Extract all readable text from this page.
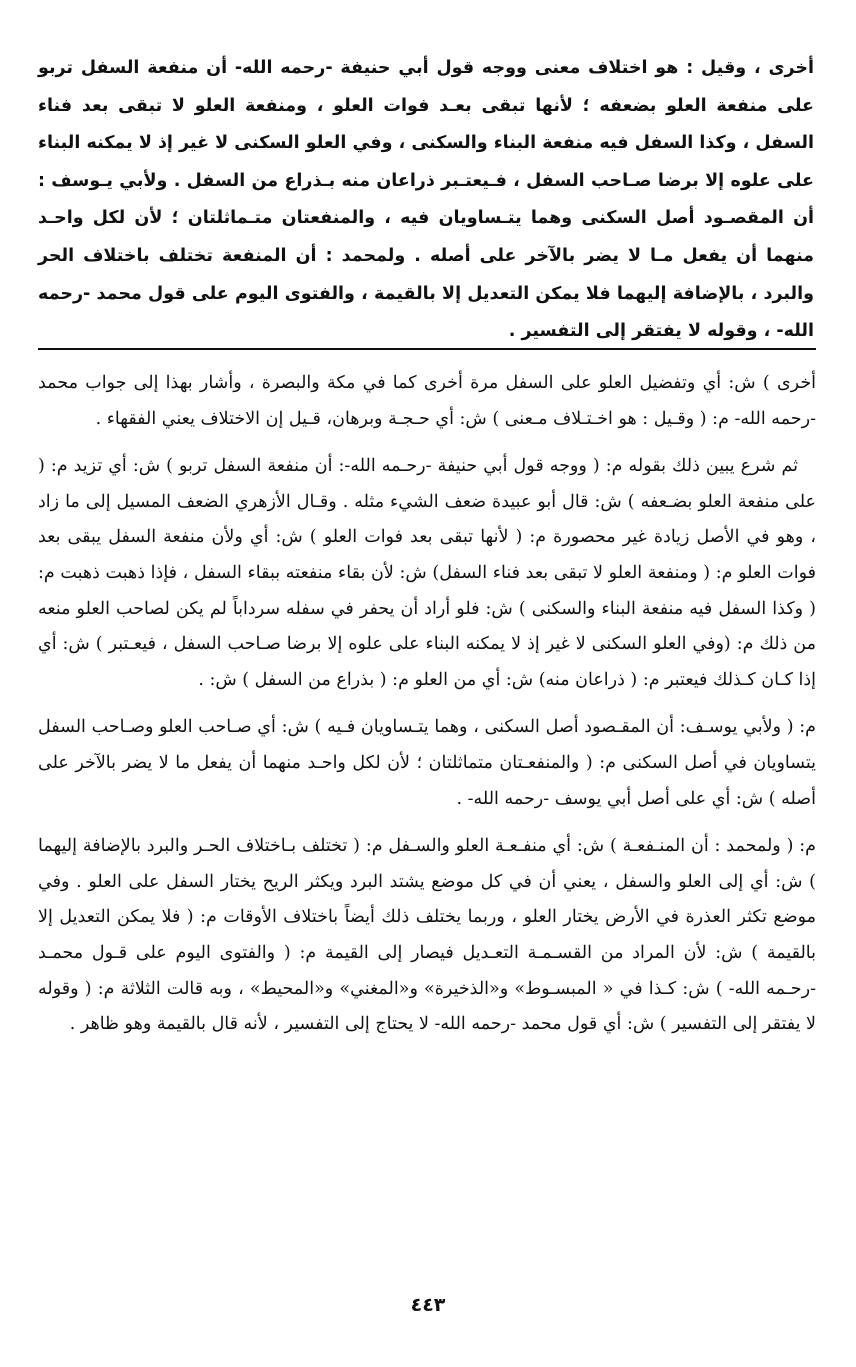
أخرى ، وقيل : هو اختلاف معنى ووجه قول أبي حنيفة -رحمه الله- أن منفعة السفل تربو على منفعة العلو بضعفه ؛ لأنها تبقى بعـد فوات العلو ، ومنفعة العلو لا تبقى بعد فناء السفل ، وكذا السفل فيه منفعة البناء والسكنى ، وفي العلو السكنى لا غير إذ لا يمكنه البناء على علوه إلا برضا صـاحب السفل ، فـيعتـبر ذراعان منه بـذراع من السفل . ولأبي يـوسف : أن المقصـود أصل السكنى وهما يتـساويان فيه ، والمنفعتان متـماثلتان ؛ لأن لكل واحـد منهما أن يفعل مـا لا يضر بالآخر على أصله . ولمحمد : أن المنفعة تختلف باختلاف الحر والبرد ، بالإضافة إليهما فلا يمكن التعديل إلا بالقيمة ، والفتوى اليوم على قول محمد -رحمه الله- ، وقوله لا يفتقر إلى التفسير .

أخرى ) ش: أي وتفضيل العلو على السفل مرة أخرى كما في مكة والبصرة ، وأشار بهذا إلى جواب محمد -رحمه الله- م: ( وقـيل : هو اخـتـلاف مـعنى ) ش: أي حـجـة وبرهان، قـيل إن الاختلاف يعني الفقهاء .

ثم شرع يبين ذلك بقوله م: ( ووجه قول أبي حنيفة -رحـمه الله-: أن منفعة السفل تربو ) ش: أي تزيد م: ( على منفعة العلو بضـعفه ) ش: قال أبو عبيدة ضعف الشيء مثله . وقـال الأزهري الضعف المسيل إلى ما زاد ، وهو في الأصل زيادة غير محصورة م: ( لأنها تبقى بعد فوات العلو ) ش: أي ولأن منفعة السفل يبقى بعد فوات العلو م: ( ومنفعة العلو لا تبقى بعد فناء السفل) ش: لأن بقاء منفعته ببقاء السفل ، فإذا ذهبت ذهبت م: ( وكذا السفل فيه منفعة البناء والسكنى ) ش: فلو أراد أن يحفر في سفله سرداباً لم يكن لصاحب العلو منعه من ذلك م: (وفي العلو السكنى لا غير إذ لا يمكنه البناء على علوه إلا برضا صـاحب السفل ، فيعـتبر ) ش: أي إذا كـان كـذلك فيعتبر م: ( ذراعان منه) ش: أي من العلو م: ( بذراع من السفل ) ش: .

م: ( ولأبي يوسـف: أن المقـصود أصل السكنى ، وهما يتـساويان فـيه ) ش: أي صـاحب العلو وصـاحب السفل يتساويان في أصل السكنى م: ( والمنفعـتان متماثلتان ؛ لأن لكل واحـد منهما أن يفعل ما لا يضر بالآخر على أصله ) ش: أي على أصل أبي يوسف -رحمه الله- .

م: ( ولمحمد : أن المنـفعـة ) ش: أي منفـعـة العلو والسـفل م: ( تختلف بـاختلاف الحـر والبرد بالإضافة إليهما ) ش: أي إلى العلو والسفل ، يعني أن في كل موضع يشتد البرد ويكثر الريح يختار السفل على العلو . وفي موضع تكثر العذرة في الأرض يختار العلو ، وربما يختلف ذلك أيضاً باختلاف الأوقات م: ( فلا يمكن التعديل إلا بالقيمة ) ش: لأن المراد من القسـمـة التعـديل فيصار إلى القيمة م: ( والفتوى اليوم على قـول محمـد -رحـمه الله- ) ش: كـذا في « المبسـوط» و«الذخيرة» و«المغني» و«المحيط» ، وبه قالت الثلاثة م: ( وقوله لا يفتقر إلى التفسير ) ش: أي قول محمد -رحمه الله- لا يحتاج إلى التفسير ، لأنه قال بالقيمة وهو ظاهر .

٤٤٣
